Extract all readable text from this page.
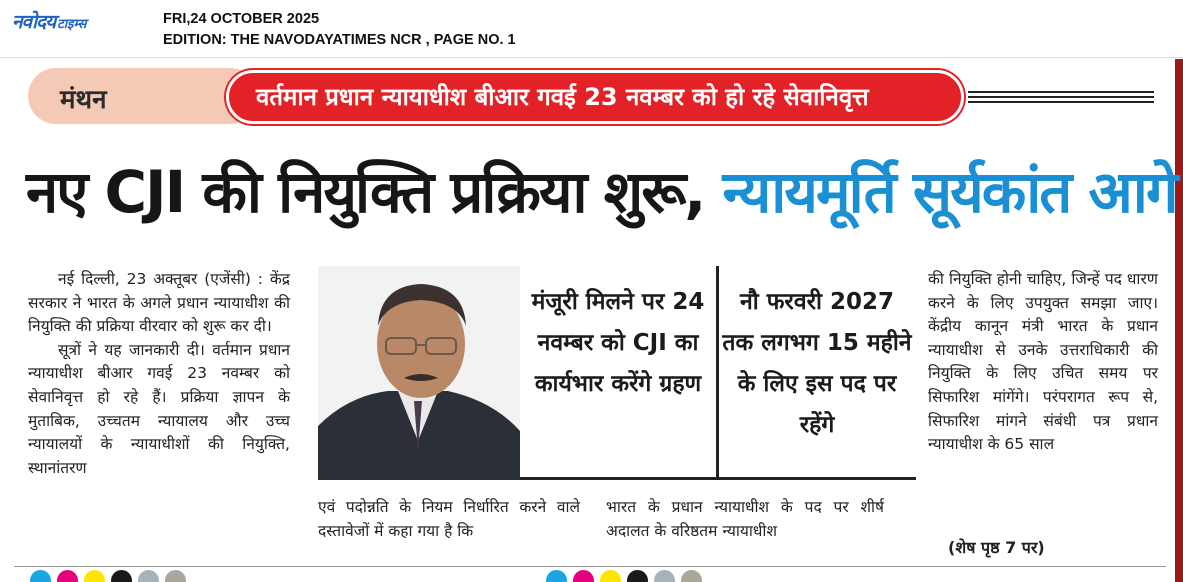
नवोदय टाइम्स	FRI,24 OCTOBER 2025
EDITION: THE NAVODAYATIMES NCR , PAGE NO. 1
मंथन	वर्तमान प्रधान न्यायाधीश बीआर गवई 23 नवम्बर को हो रहे सेवानिवृत्त
नए CJI की नियुक्ति प्रक्रिया शुरू, न्यायमूर्ति सूर्यकांत आगे

नई दिल्ली, 23 अक्तूबर (एजेंसी) : केंद्र सरकार ने भारत के अगले प्रधान न्यायाधीश की नियुक्ति की प्रक्रिया वीरवार को शुरू कर दी।

सूत्रों ने यह जानकारी दी। वर्तमान प्रधान न्यायाधीश बीआर गवई 23 नवम्बर को सेवानिवृत्त हो रहे हैं। प्रक्रिया ज्ञापन के मुताबिक, उच्चतम न्यायालय और उच्च न्यायालयों के न्यायाधीशों की नियुक्ति, स्थानांतरण

मंजूरी मिलने पर 24 नवम्बर को CJI का कार्यभार करेंगे ग्रहण
नौ फरवरी 2027 तक लगभग 15 महीने के लिए इस पद पर रहेंगे
एवं पदोन्नति के नियम निर्धारित करने वाले दस्तावेजों में कहा गया है कि
भारत के प्रधान न्यायाधीश के पद पर शीर्ष अदालत के वरिष्ठतम न्यायाधीश
की नियुक्ति होनी चाहिए, जिन्हें पद धारण करने के लिए उपयुक्त समझा जाए। केंद्रीय कानून मंत्री भारत के प्रधान न्यायाधीश से उनके उत्तराधिकारी की नियुक्ति के लिए उचित समय पर सिफारिश मांगेंगे। परंपरागत रूप से, सिफारिश मांगने संबंधी पत्र प्रधान न्यायाधीश के 65 साल
(शेष पृष्ठ 7 पर)
